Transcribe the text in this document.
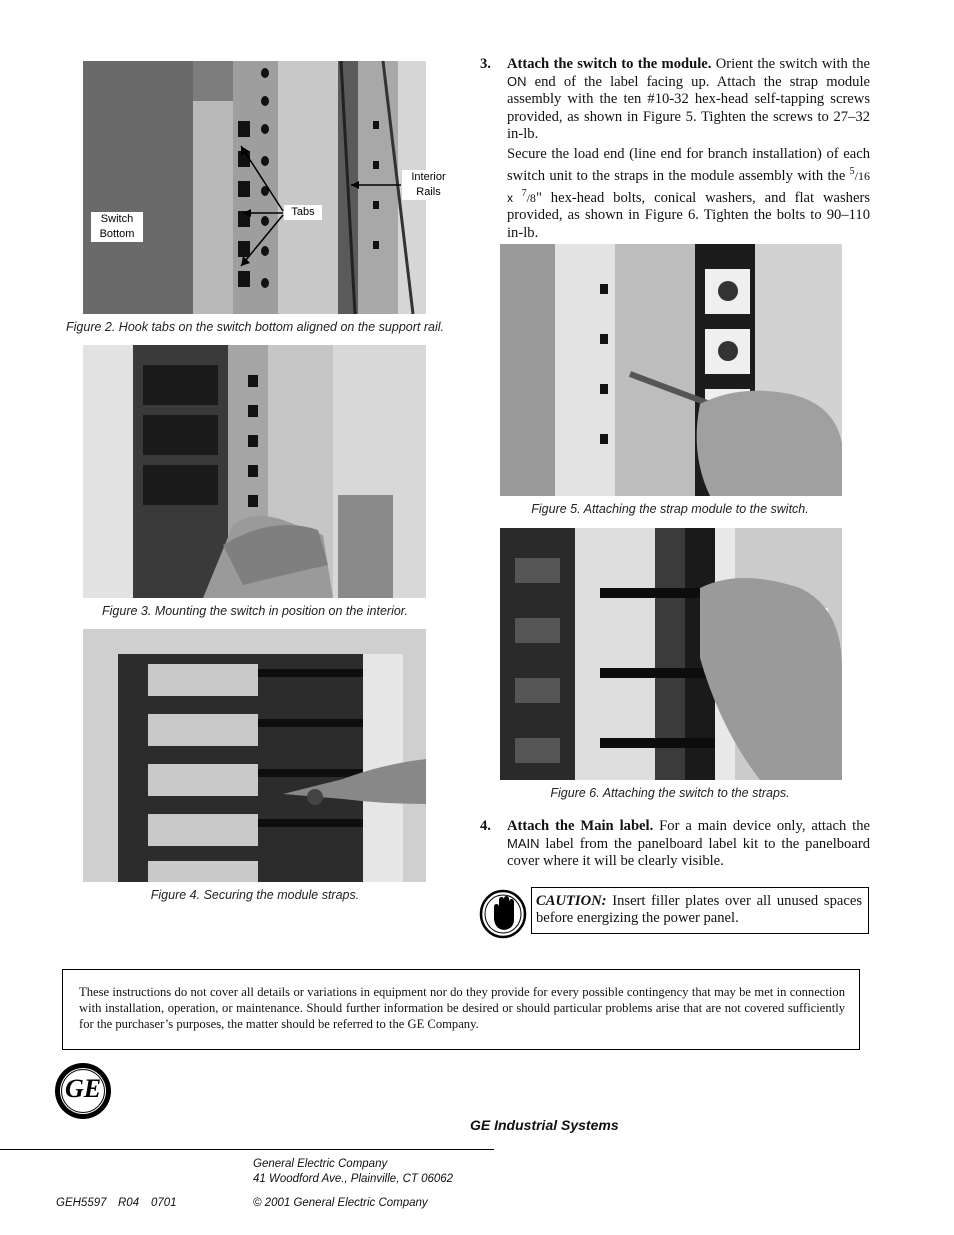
Interior
Rails
Tabs
Switch
Bottom
Figure 2. Hook tabs on the switch bottom aligned on the support rail.
Figure 3. Mounting the switch in position on the interior.
Figure 4. Securing the module straps.
Figure 5. Attaching the strap module to the switch.
Figure 6. Attaching the switch to the straps.
3. Attach the switch to the module. Orient the switch with the ON end of the label facing up. Attach the strap module assembly with the ten #10-32 hex-head self-tapping screws provided, as shown in Figure 5. Tighten the screws to 27–32 in-lb.
Secure the load end (line end for branch installation) of each switch unit to the straps in the module assembly with the $^5$/16 x $^7$/8" hex-head bolts, conical washers, and flat washers provided, as shown in Figure 6. Tighten the bolts to 90–110 in-lb.
4. Attach the Main label. For a main device only, attach the MAIN label from the panelboard label kit to the panelboard cover where it will be clearly visible.
CAUTION: Insert filler plates over all unused spaces before energizing the power panel.
These instructions do not cover all details or variations in equipment nor do they provide for every possible contingency that may be met in connection with installation, operation, or maintenance. Should further information be desired or should particular problems arise that are not covered sufficiently for the purchaser’s purposes, the matter should be referred to the GE Company.
GE
GE Industrial Systems
General Electric Company
41 Woodford Ave., Plainville, CT 06062
GEH5597 R04 0701	© 2001 General Electric Company
